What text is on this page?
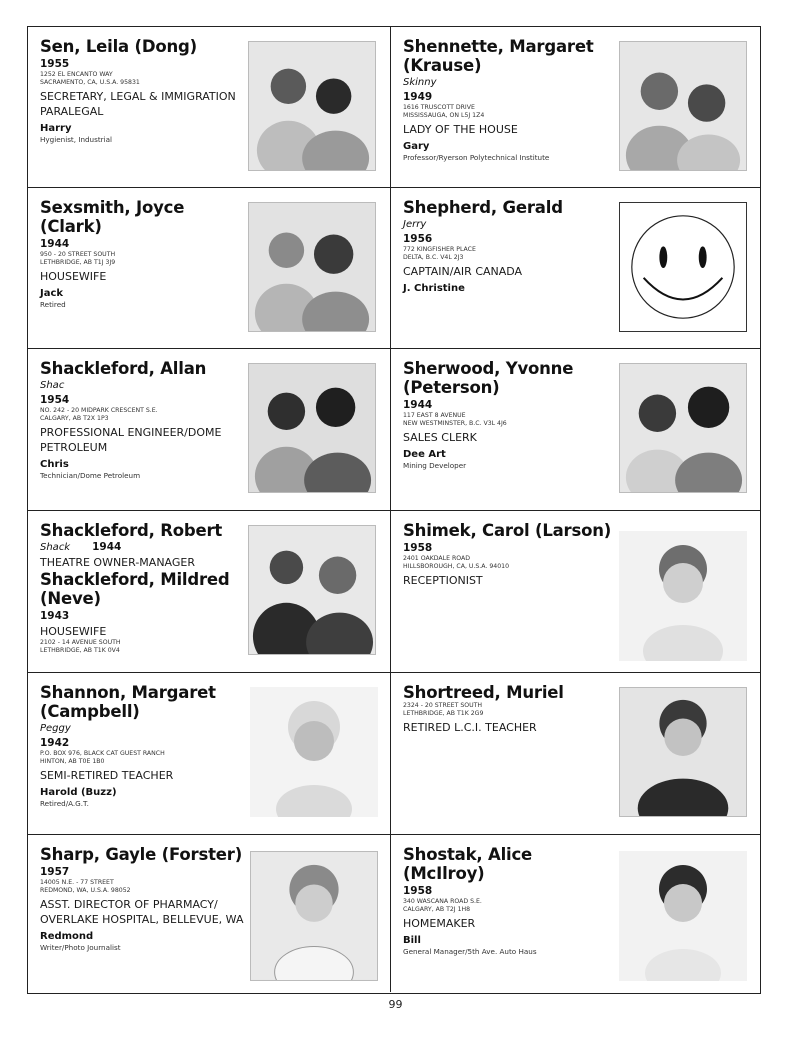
Sen, Leila (Dong)
1955
1252 EL ENCANTO WAY
SACRAMENTO, CA, U.S.A. 95831
SECRETARY, LEGAL & IMMIGRATION PARALEGAL
Harry
Hygienist, Industrial
Shennette, Margaret (Krause)
Skinny
1949
1616 TRUSCOTT DRIVE
MISSISSAUGA, ON L5J 1Z4
LADY OF THE HOUSE
Gary
Professor/Ryerson Polytechnical Institute
Sexsmith, Joyce (Clark)
1944
950 - 20 STREET SOUTH
LETHBRIDGE, AB T1J 3J9
HOUSEWIFE
Jack
Retired
Shepherd, Gerald
Jerry
1956
772 KINGFISHER PLACE
DELTA, B.C. V4L 2J3
CAPTAIN/AIR CANADA
J. Christine
Shackleford, Allan
Shac
1954
NO. 242 - 20 MIDPARK CRESCENT S.E.
CALGARY, AB T2X 1P3
PROFESSIONAL ENGINEER/DOME PETROLEUM
Chris
Technician/Dome Petroleum
Sherwood, Yvonne (Peterson)
1944
117 EAST 8 AVENUE
NEW WESTMINSTER, B.C. V3L 4J6
SALES CLERK
Dee Art
Mining Developer
Shackleford, Robert
Shack 1944
THEATRE OWNER-MANAGER
Shackleford, Mildred (Neve)
1943
HOUSEWIFE
2102 - 14 AVENUE SOUTH
LETHBRIDGE, AB T1K 0V4
Shimek, Carol (Larson)
1958
2401 OAKDALE ROAD
HILLSBOROUGH, CA, U.S.A. 94010
RECEPTIONIST
Shannon, Margaret (Campbell)
Peggy
1942
P.O. BOX 976, BLACK CAT GUEST RANCH
HINTON, AB T0E 1B0
SEMI-RETIRED TEACHER
Harold (Buzz)
Retired/A.G.T.
Shortreed, Muriel
2324 - 20 STREET SOUTH
LETHBRIDGE, AB T1K 2G9
RETIRED L.C.I. TEACHER
Sharp, Gayle (Forster)
1957
14005 N.E. - 77 STREET
REDMOND, WA, U.S.A. 98052
ASST. DIRECTOR OF PHARMACY/ OVERLAKE HOSPITAL, BELLEVUE, WA
Redmond
Writer/Photo Journalist
Shostak, Alice (McIlroy)
1958
340 WASCANA ROAD S.E.
CALGARY, AB T2J 1H8
HOMEMAKER
Bill
General Manager/5th Ave. Auto Haus
99
